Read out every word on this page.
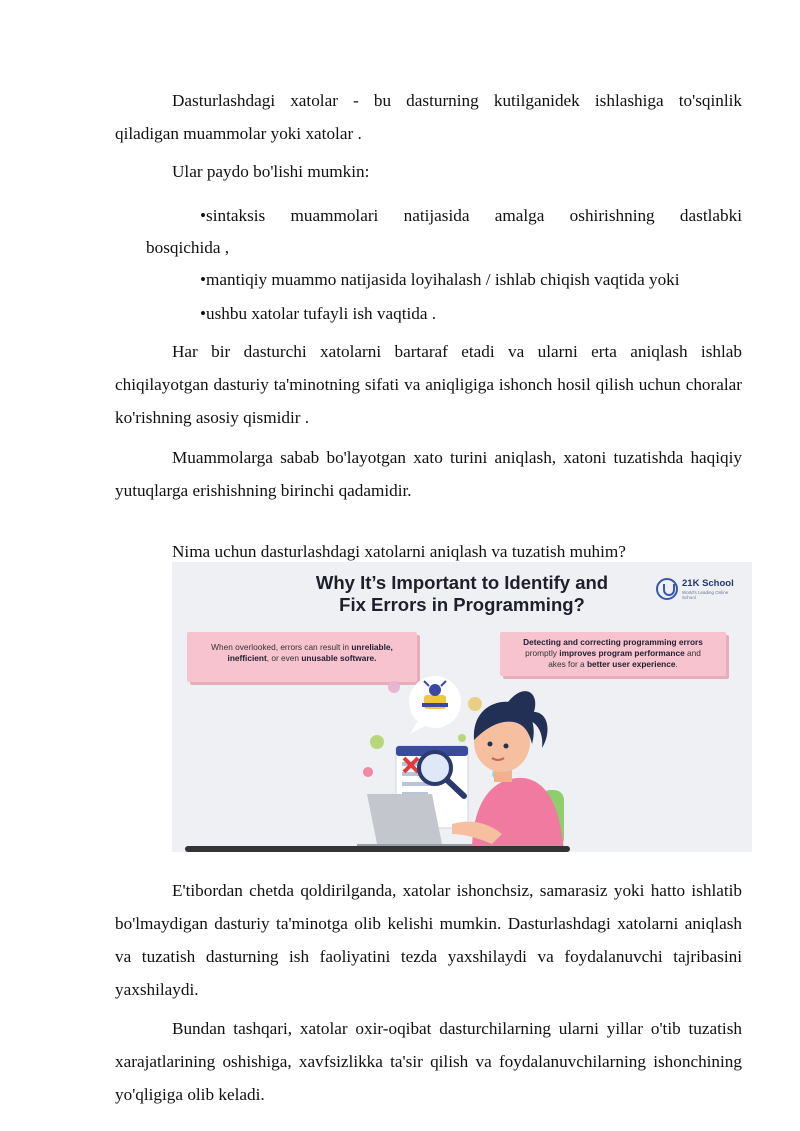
Dasturlashdagi xatolar - bu dasturning kutilganidek ishlashiga to'sqinlik
qiladigan muammolar yoki xatolar .
Ular paydo bo'lishi mumkin:
•sintaksis muammolari natijasida amalga oshirishning dastlabki
bosqichida ,
•mantiqiy muammo natijasida loyihalash / ishlab chiqish vaqtida yoki
•ushbu xatolar tufayli ish vaqtida .
Har bir dasturchi xatolarni bartaraf etadi va ularni erta aniqlash ishlab chiqilayotgan dasturiy ta'minotning sifati va aniqligiga ishonch hosil qilish uchun choralar ko'rishning asosiy qismidir .
Muammolarga sabab bo'layotgan xato turini aniqlash, xatoni tuzatishda haqiqiy yutuqlarga erishishning birinchi qadamidir.
Nima uchun dasturlashdagi xatolarni aniqlash va tuzatish muhim?
Why It’s Important to Identify and
Fix Errors in Programming?
21K School
World's Leading Online School
When overlooked, errors can result in unreliable,
inefficient, or even unusable software.
Detecting and correcting programming errors
promptly improves program performance and
akes for a better user experience.
E'tibordan chetda qoldirilganda, xatolar ishonchsiz, samarasiz yoki hatto ishlatib bo'lmaydigan dasturiy ta'minotga olib kelishi mumkin. Dasturlashdagi xatolarni aniqlash va tuzatish dasturning ish faoliyatini tezda yaxshilaydi va foydalanuvchi tajribasini yaxshilaydi.
Bundan tashqari, xatolar oxir-oqibat dasturchilarning ularni yillar o'tib tuzatish xarajatlarining oshishiga, xavfsizlikka ta'sir qilish va foydalanuvchilarning ishonchining yo'qligiga olib keladi.
